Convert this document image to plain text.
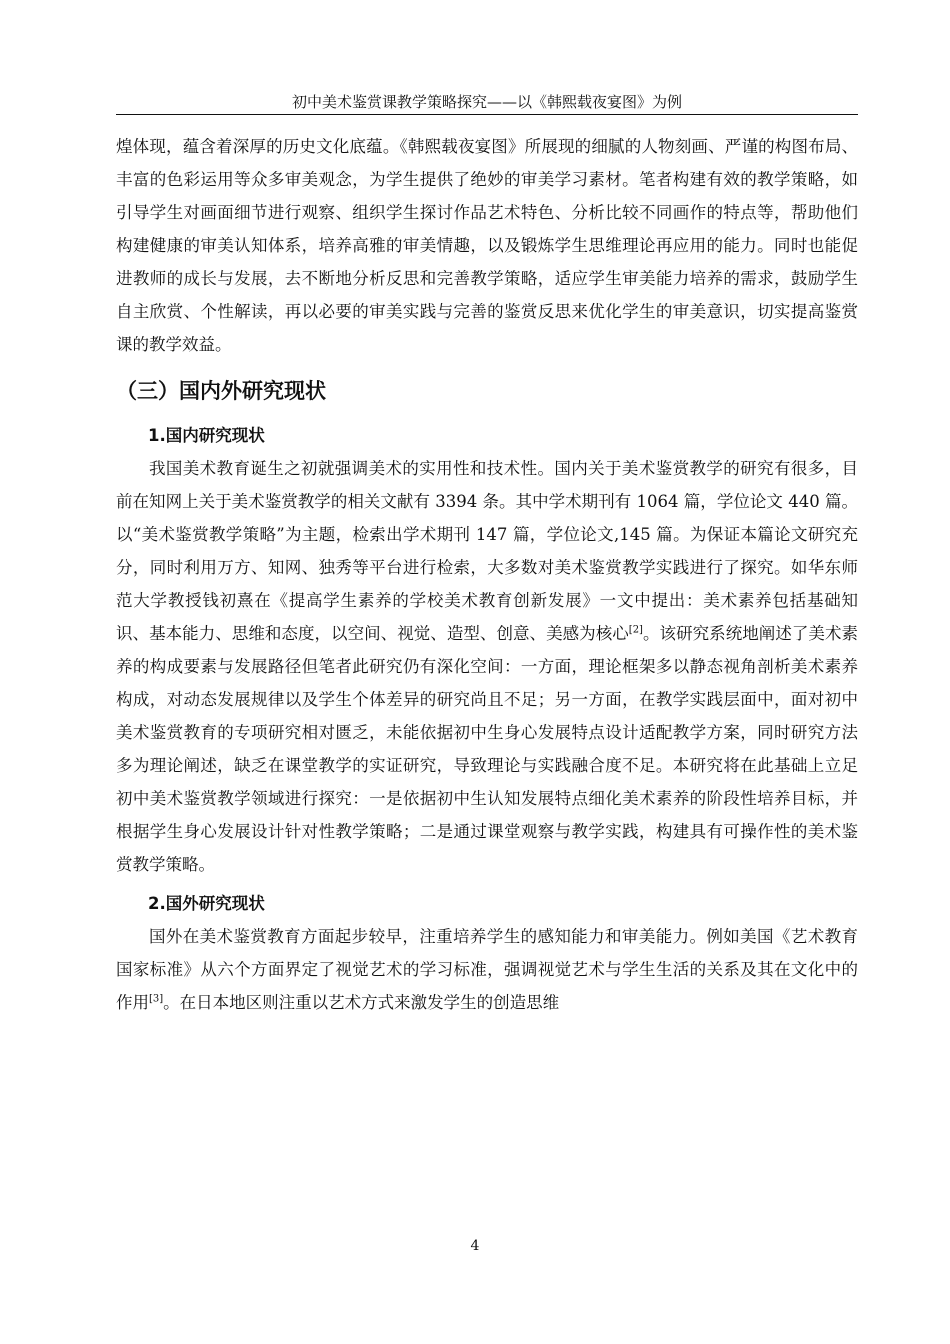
初中美术鉴赏课教学策略探究——以《韩熙载夜宴图》为例

煌体现，蕴含着深厚的历史文化底蕴。《韩熙载夜宴图》所展现的细腻的人物刻画、严谨的构图布局、丰富的色彩运用等众多审美观念，为学生提供了绝妙的审美学习素材。笔者构建有效的教学策略，如引导学生对画面细节进行观察、组织学生探讨作品艺术特色、分析比较不同画作的特点等，帮助他们构建健康的审美认知体系，培养高雅的审美情趣，以及锻炼学生思维理论再应用的能力。同时也能促进教师的成长与发展，去不断地分析反思和完善教学策略，适应学生审美能力培养的需求，鼓励学生自主欣赏、个性解读，再以必要的审美实践与完善的鉴赏反思来优化学生的审美意识，切实提高鉴赏课的教学效益。

（三）国内外研究现状
1.国内研究现状

我国美术教育诞生之初就强调美术的实用性和技术性。国内关于美术鉴赏教学的研究有很多，目前在知网上关于美术鉴赏教学的相关文献有 3394 条。其中学术期刊有 1064 篇，学位论文 440 篇。以“美术鉴赏教学策略”为主题，检索出学术期刊 147 篇，学位论文,145 篇。为保证本篇论文研究充分，同时利用万方、知网、独秀等平台进行检索，大多数对美术鉴赏教学实践进行了探究。如华东师范大学教授钱初熹在《提高学生素养的学校美术教育创新发展》一文中提出：美术素养包括基础知识、基本能力、思维和态度，以空间、视觉、造型、创意、美感为核心[2]。该研究系统地阐述了美术素养的构成要素与发展路径但笔者此研究仍有深化空间：一方面，理论框架多以静态视角剖析美术素养构成，对动态发展规律以及学生个体差异的研究尚且不足；另一方面，在教学实践层面中，面对初中美术鉴赏教育的专项研究相对匮乏，未能依据初中生身心发展特点设计适配教学方案，同时研究方法多为理论阐述，缺乏在课堂教学的实证研究，导致理论与实践融合度不足。本研究将在此基础上立足初中美术鉴赏教学领域进行探究：一是依据初中生认知发展特点细化美术素养的阶段性培养目标，并根据学生身心发展设计针对性教学策略；二是通过课堂观察与教学实践，构建具有可操作性的美术鉴赏教学策略。

2.国外研究现状

国外在美术鉴赏教育方面起步较早，注重培养学生的感知能力和审美能力。例如美国《艺术教育国家标准》从六个方面界定了视觉艺术的学习标准，强调视觉艺术与学生生活的关系及其在文化中的作用[3]。在日本地区则注重以艺术方式来激发学生的创造思维

4
